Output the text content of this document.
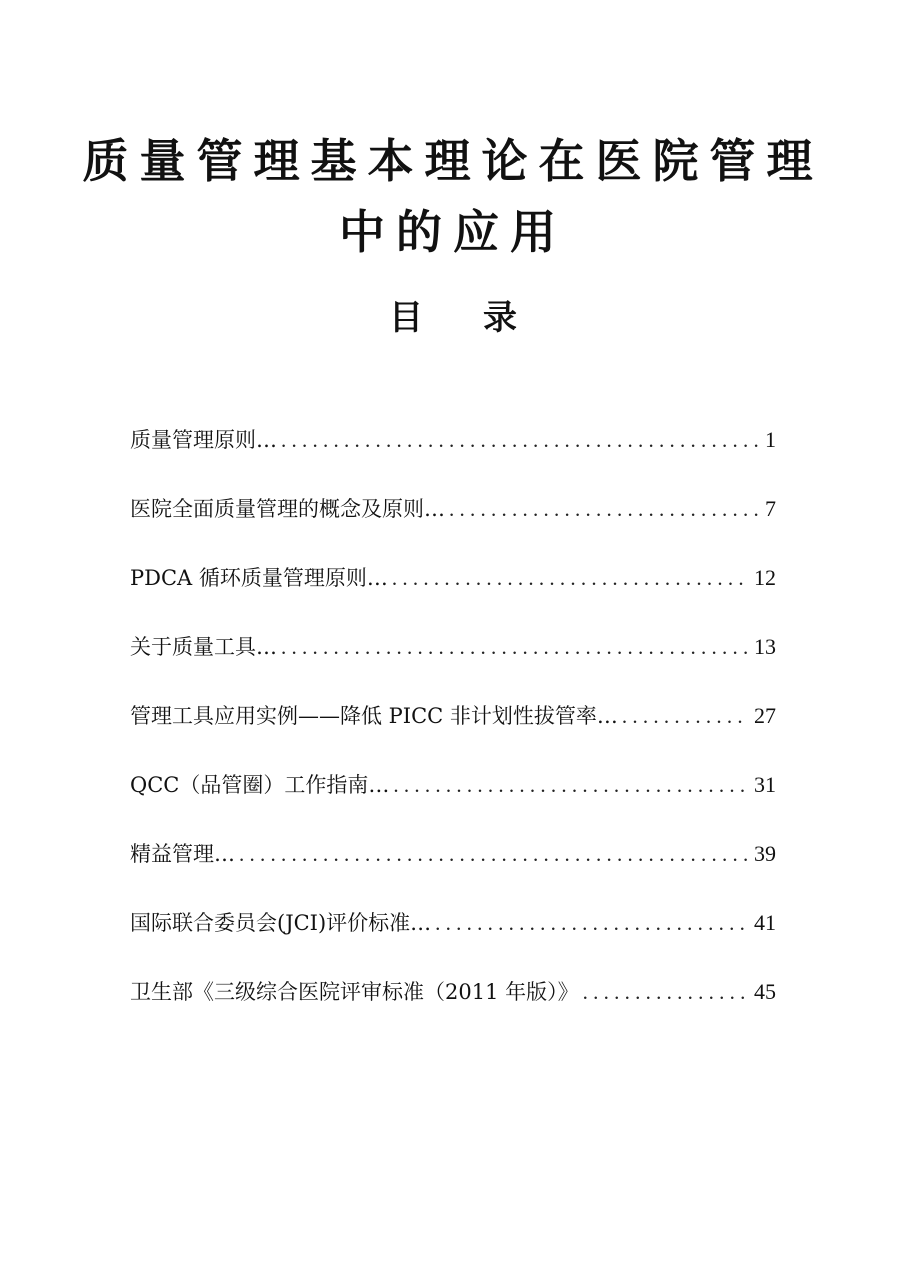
质量管理基本理论在医院管理
中的应用
目 录
质量管理原则… . . .	1
医院全面质量管理的概念及原则… . . .	7
PDCA 循环质量管理原则… . . .	12
关于质量工具… . . .	13
管理工具应用实例——降低 PICC 非计划性拔管率… . . .	27
QCC（品管圈）工作指南… . . .	31
精益管理… . . .	39
国际联合委员会(JCI)评价标准… . . .	41
卫生部《三级综合医院评审标准（2011 年版）》 . . .	45
